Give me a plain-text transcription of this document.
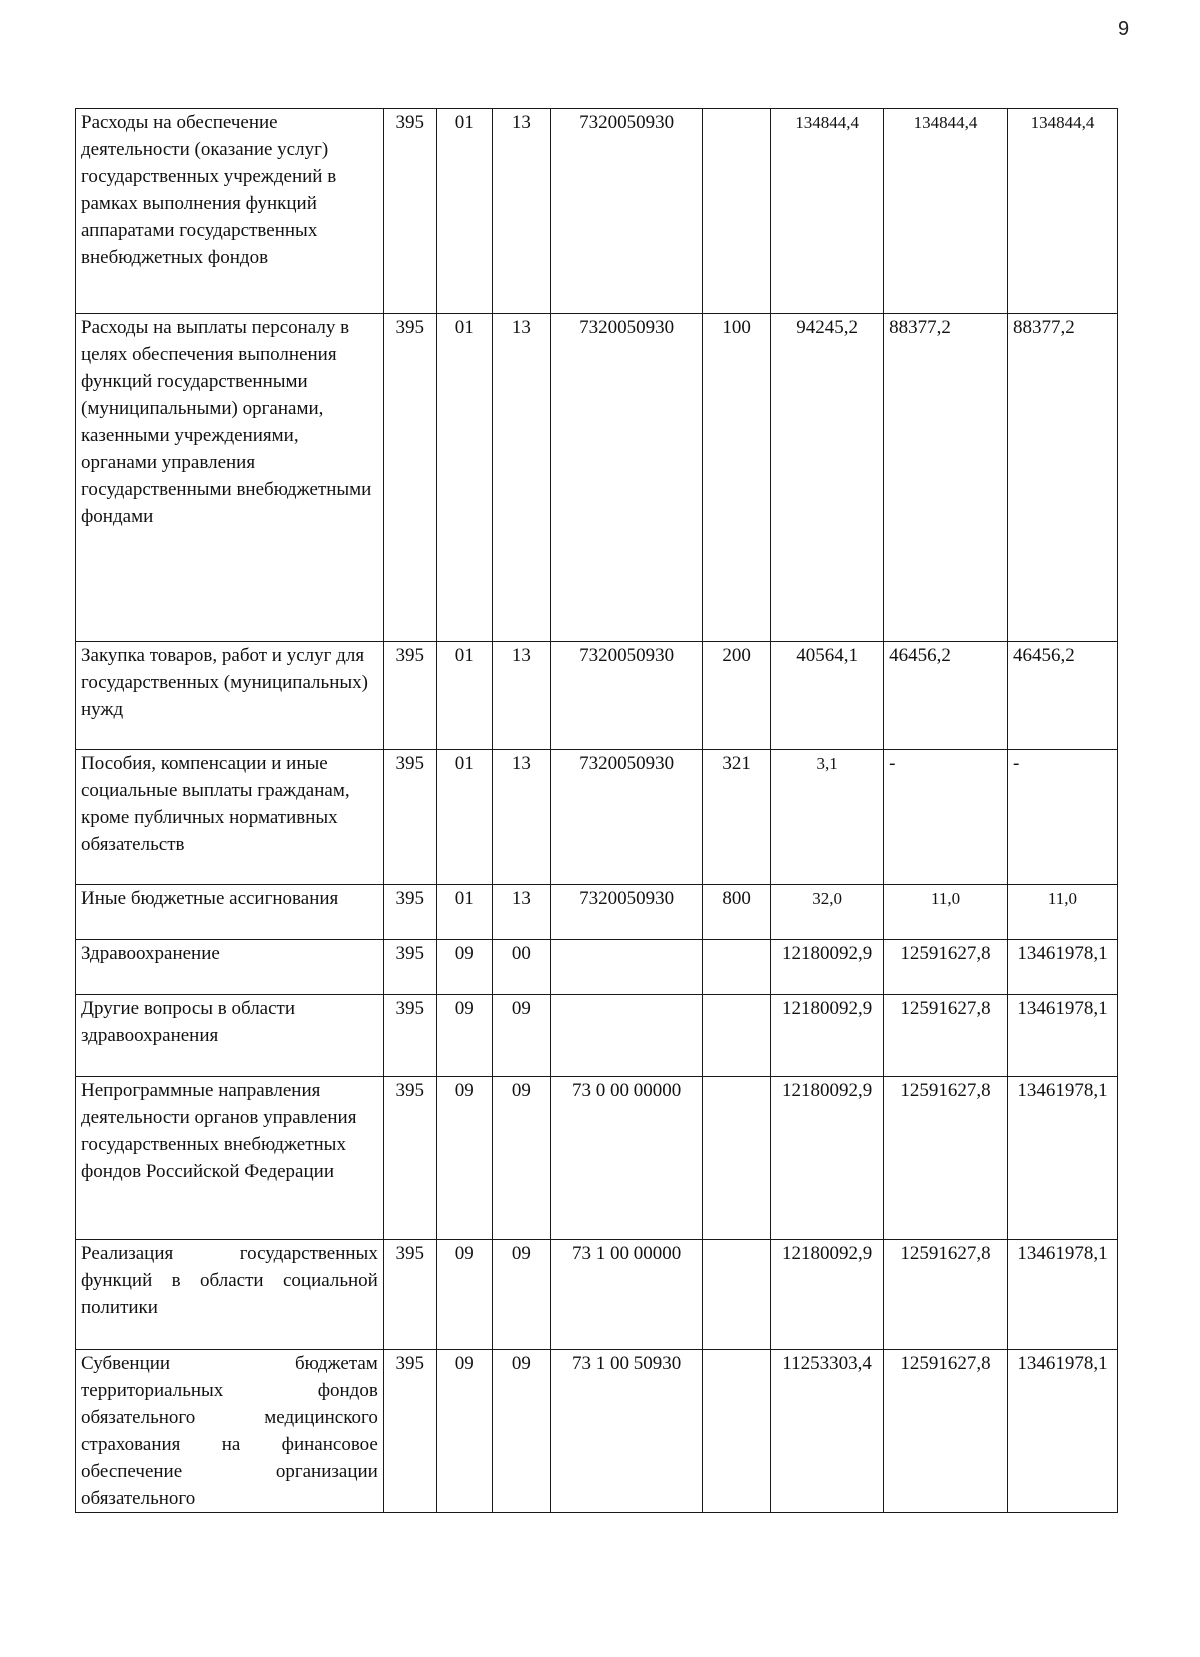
9
Расходы на обеспечение деятельности (оказание услуг) государственных учреждений в рамках выполнения функций аппаратами государственных внебюджетных фондов	395	01	13	7320050930		134844,4	134844,4	134844,4
Расходы на выплаты персоналу в целях обеспечения выполнения функций государственными (муниципальными) органами, казенными учреждениями, органами управления государственными внебюджетными фондами	395	01	13	7320050930	100	94245,2	88377,2	88377,2
Закупка товаров, работ и услуг для государственных (муниципальных) нужд	395	01	13	7320050930	200	40564,1	46456,2	46456,2
Пособия, компенсации и иные социальные выплаты гражданам, кроме публичных нормативных обязательств	395	01	13	7320050930	321	3,1	-	-
Иные бюджетные ассигнования	395	01	13	7320050930	800	32,0	11,0	11,0
Здравоохранение	395	09	00			12180092,9	12591627,8	13461978,1

Другие вопросы в области здравоохранения	395	09	09			12180092,9	12591627,8	13461978,1

Непрограммные направления деятельности органов управления государственных внебюджетных фондов Российской Федерации	395	09	09	73 0 00 00000		12180092,9	12591627,8	13461978,1

Реализация государственных функций в области социальной политики	395	09	09	73 1 00 00000		12180092,9	12591627,8	13461978,1

Субвенции бюджетам территориальных фондов обязательного медицинского страхования на финансовое обеспечение организации обязательного	395	09	09	73 1 00 50930		11253303,4	12591627,8	13461978,1
